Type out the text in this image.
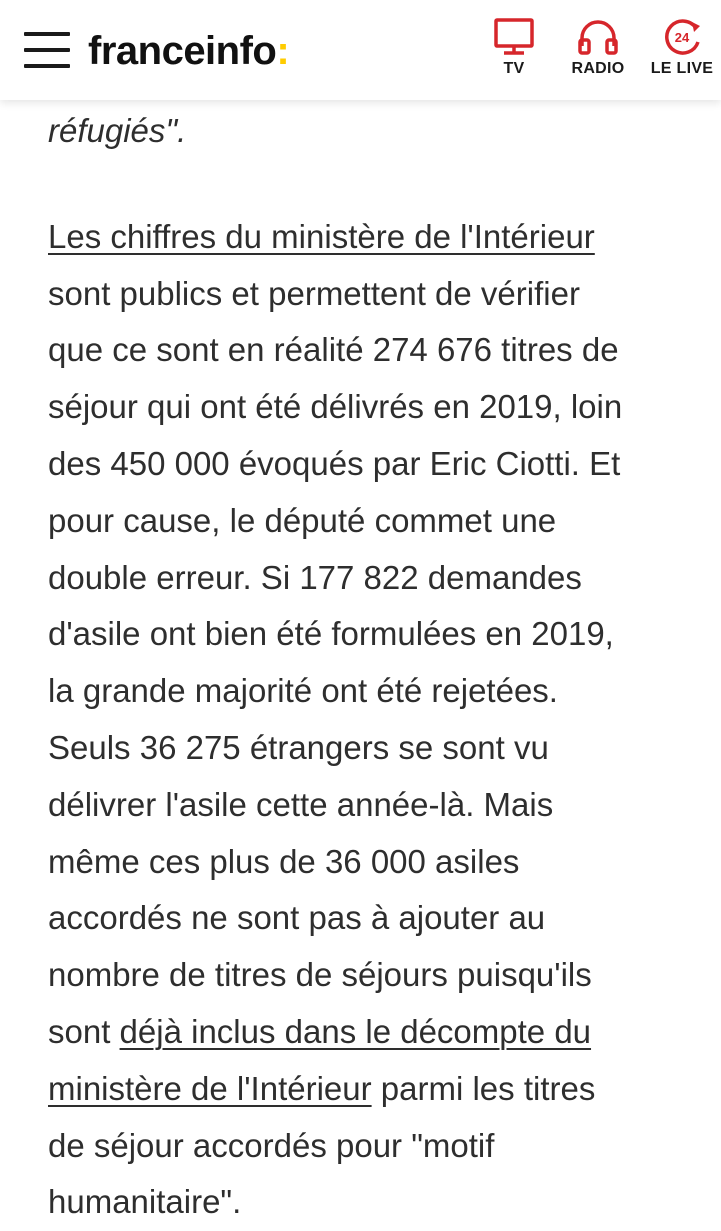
franceinfo:	TV	RADIO
24
LE LIVE

réfugiés".

Les chiffres du ministère de l'Intérieur
sont publics et permettent de vérifier
que ce sont en réalité 274 676 titres de
séjour qui ont été délivrés en 2019, loin
des 450 000 évoqués par Eric Ciotti. Et
pour cause, le député commet une
double erreur. Si 177 822 demandes
d'asile ont bien été formulées en 2019,
la grande majorité ont été rejetées.
Seuls 36 275 étrangers se sont vu
délivrer l'asile cette année-là. Mais
même ces plus de 36 000 asiles
accordés ne sont pas à ajouter au
nombre de titres de séjours puisqu'ils
sont déjà inclus dans le décompte du
ministère de l'Intérieur parmi les titres
de séjour accordés pour "motif
humanitaire".
